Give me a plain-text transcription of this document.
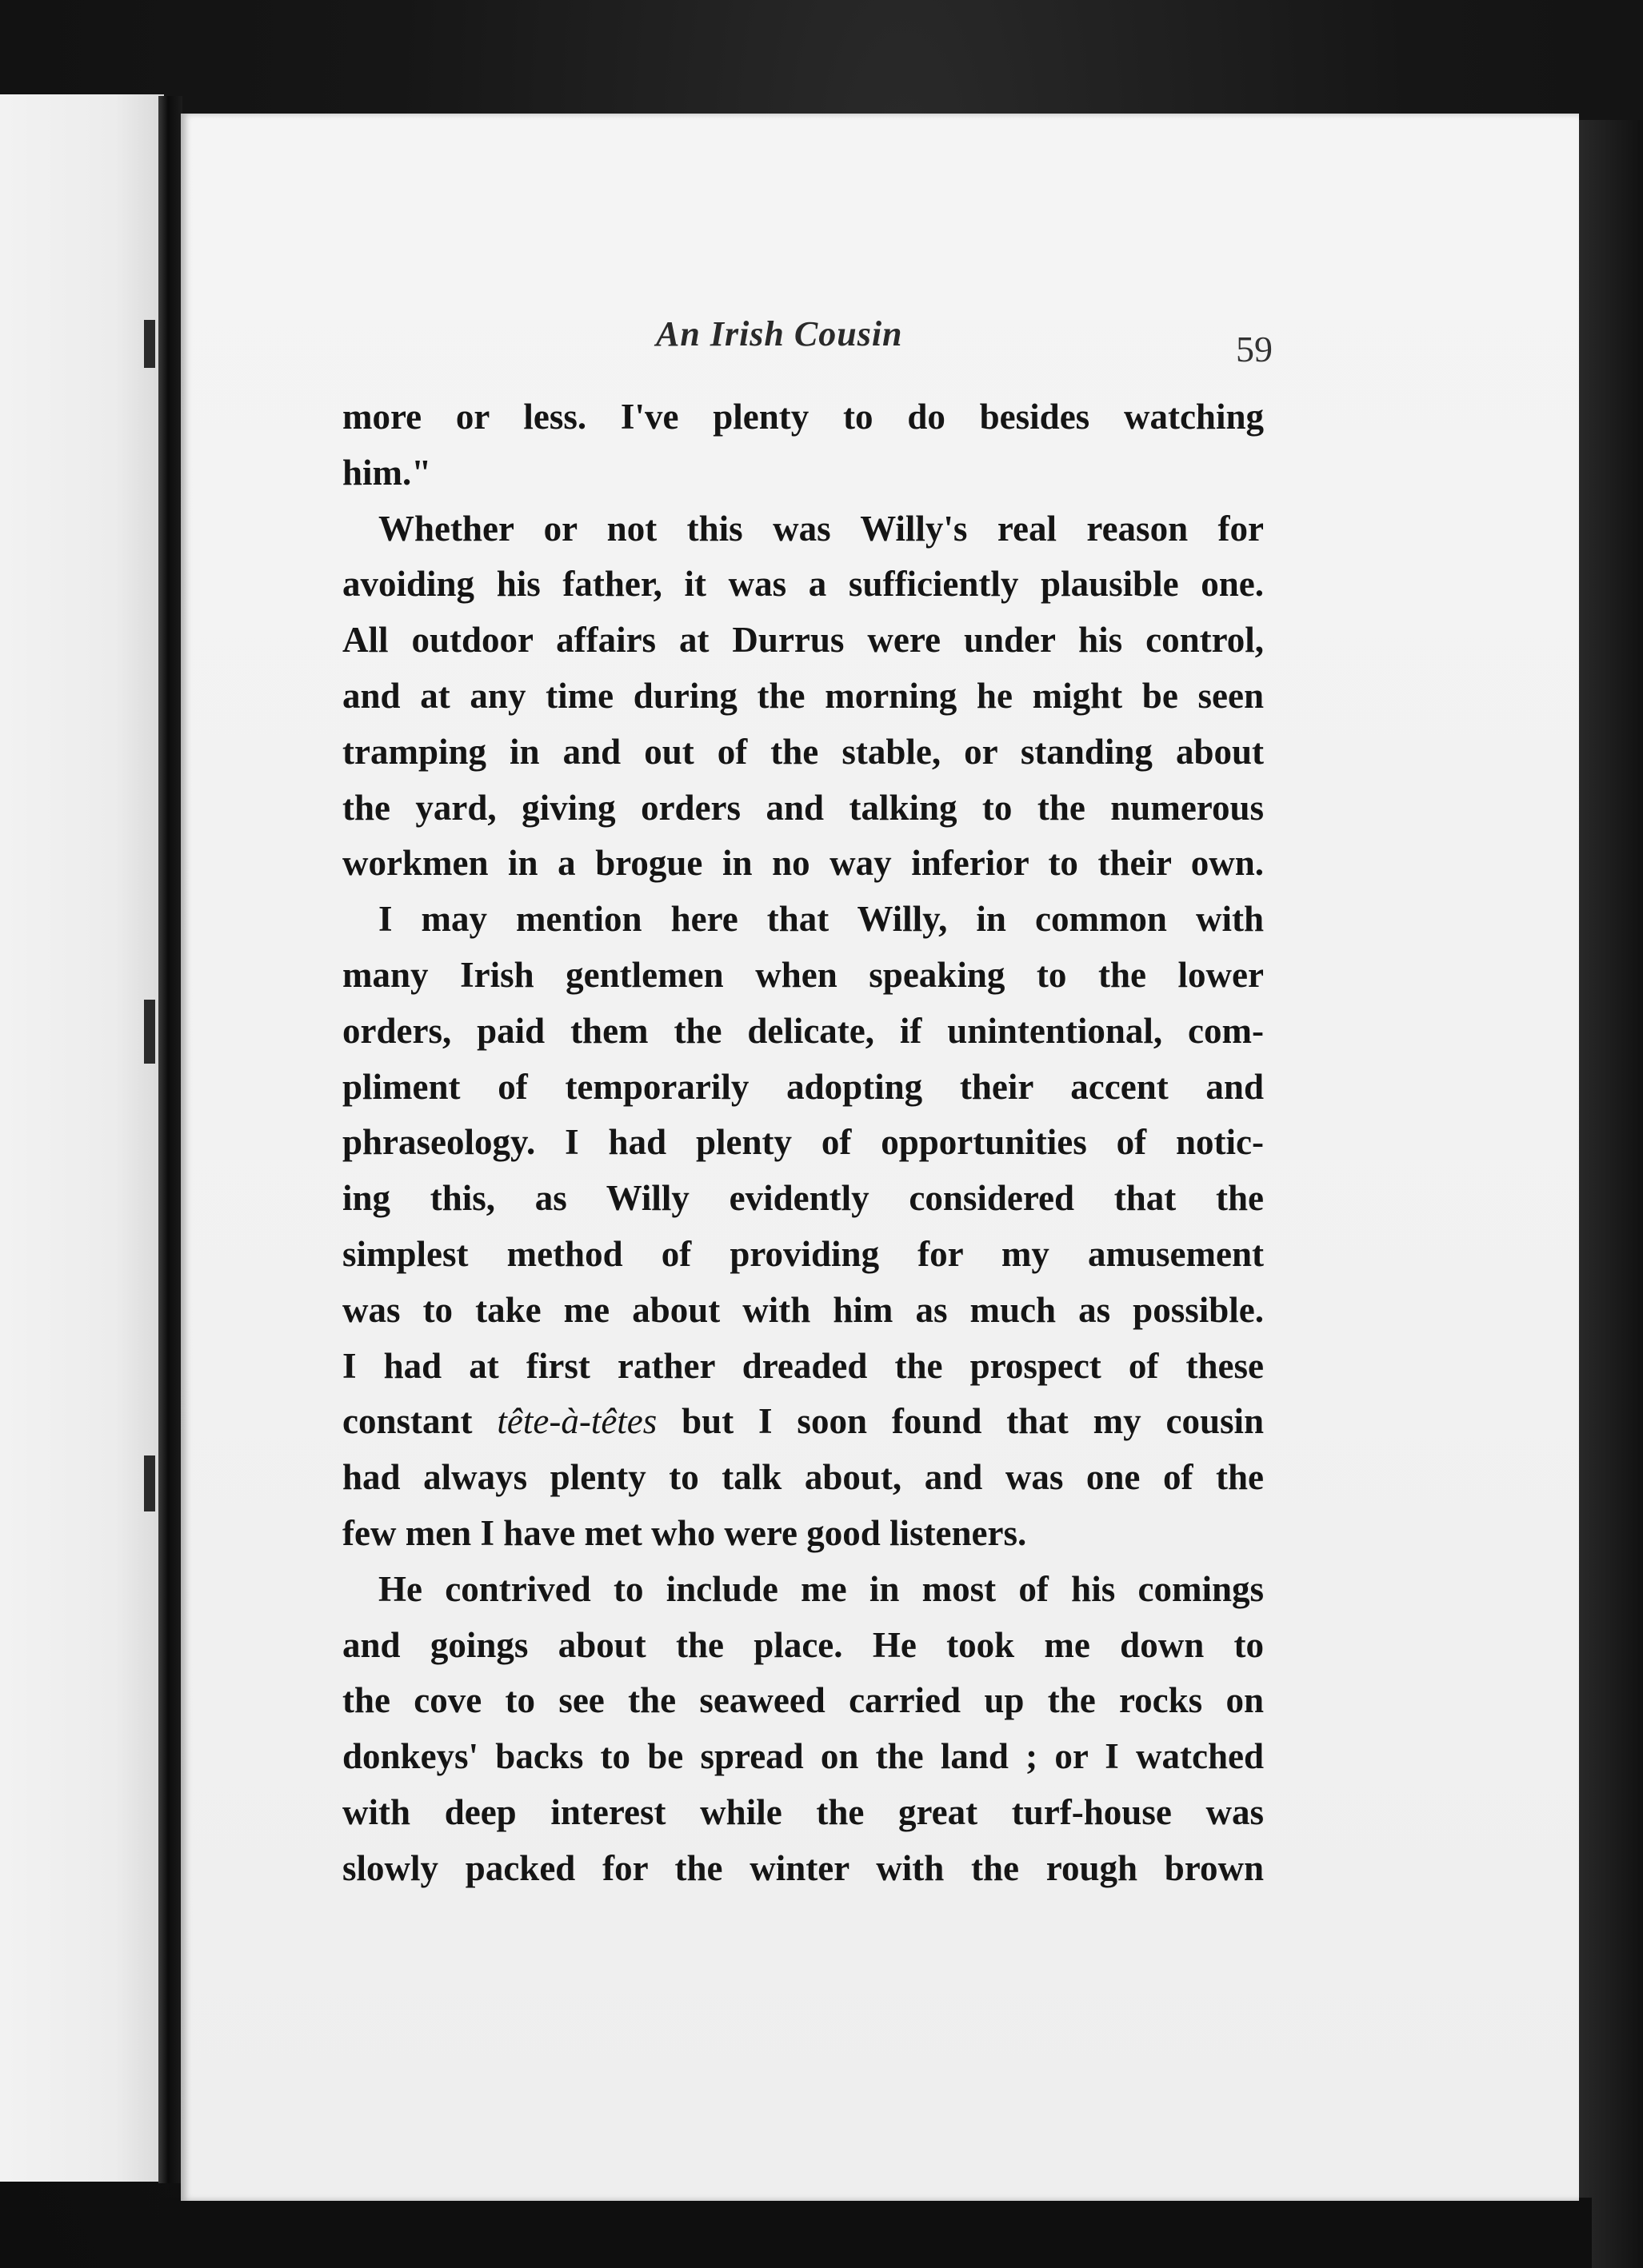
An Irish Cousin	59

more or less. I've plenty to do besides watching

him."

Whether or not this was Willy's real reason for

avoiding his father, it was a sufficiently plausible one.

All outdoor affairs at Durrus were under his control,

and at any time during the morning he might be seen

tramping in and out of the stable, or standing about

the yard, giving orders and talking to the numerous

workmen in a brogue in no way inferior to their own.

I may mention here that Willy, in common with

many Irish gentlemen when speaking to the lower

orders, paid them the delicate, if unintentional, com-

pliment of temporarily adopting their accent and

phraseology. I had plenty of opportunities of notic-

ing this, as Willy evidently considered that the

simplest method of providing for my amusement

was to take me about with him as much as possible.

I had at first rather dreaded the prospect of these

constant tête-à-têtes but I soon found that my cousin

had always plenty to talk about, and was one of the

few men I have met who were good listeners.

He contrived to include me in most of his comings

and goings about the place. He took me down to

the cove to see the seaweed carried up the rocks on

donkeys' backs to be spread on the land ; or I watched

with deep interest while the great turf-house was

slowly packed for the winter with the rough brown
